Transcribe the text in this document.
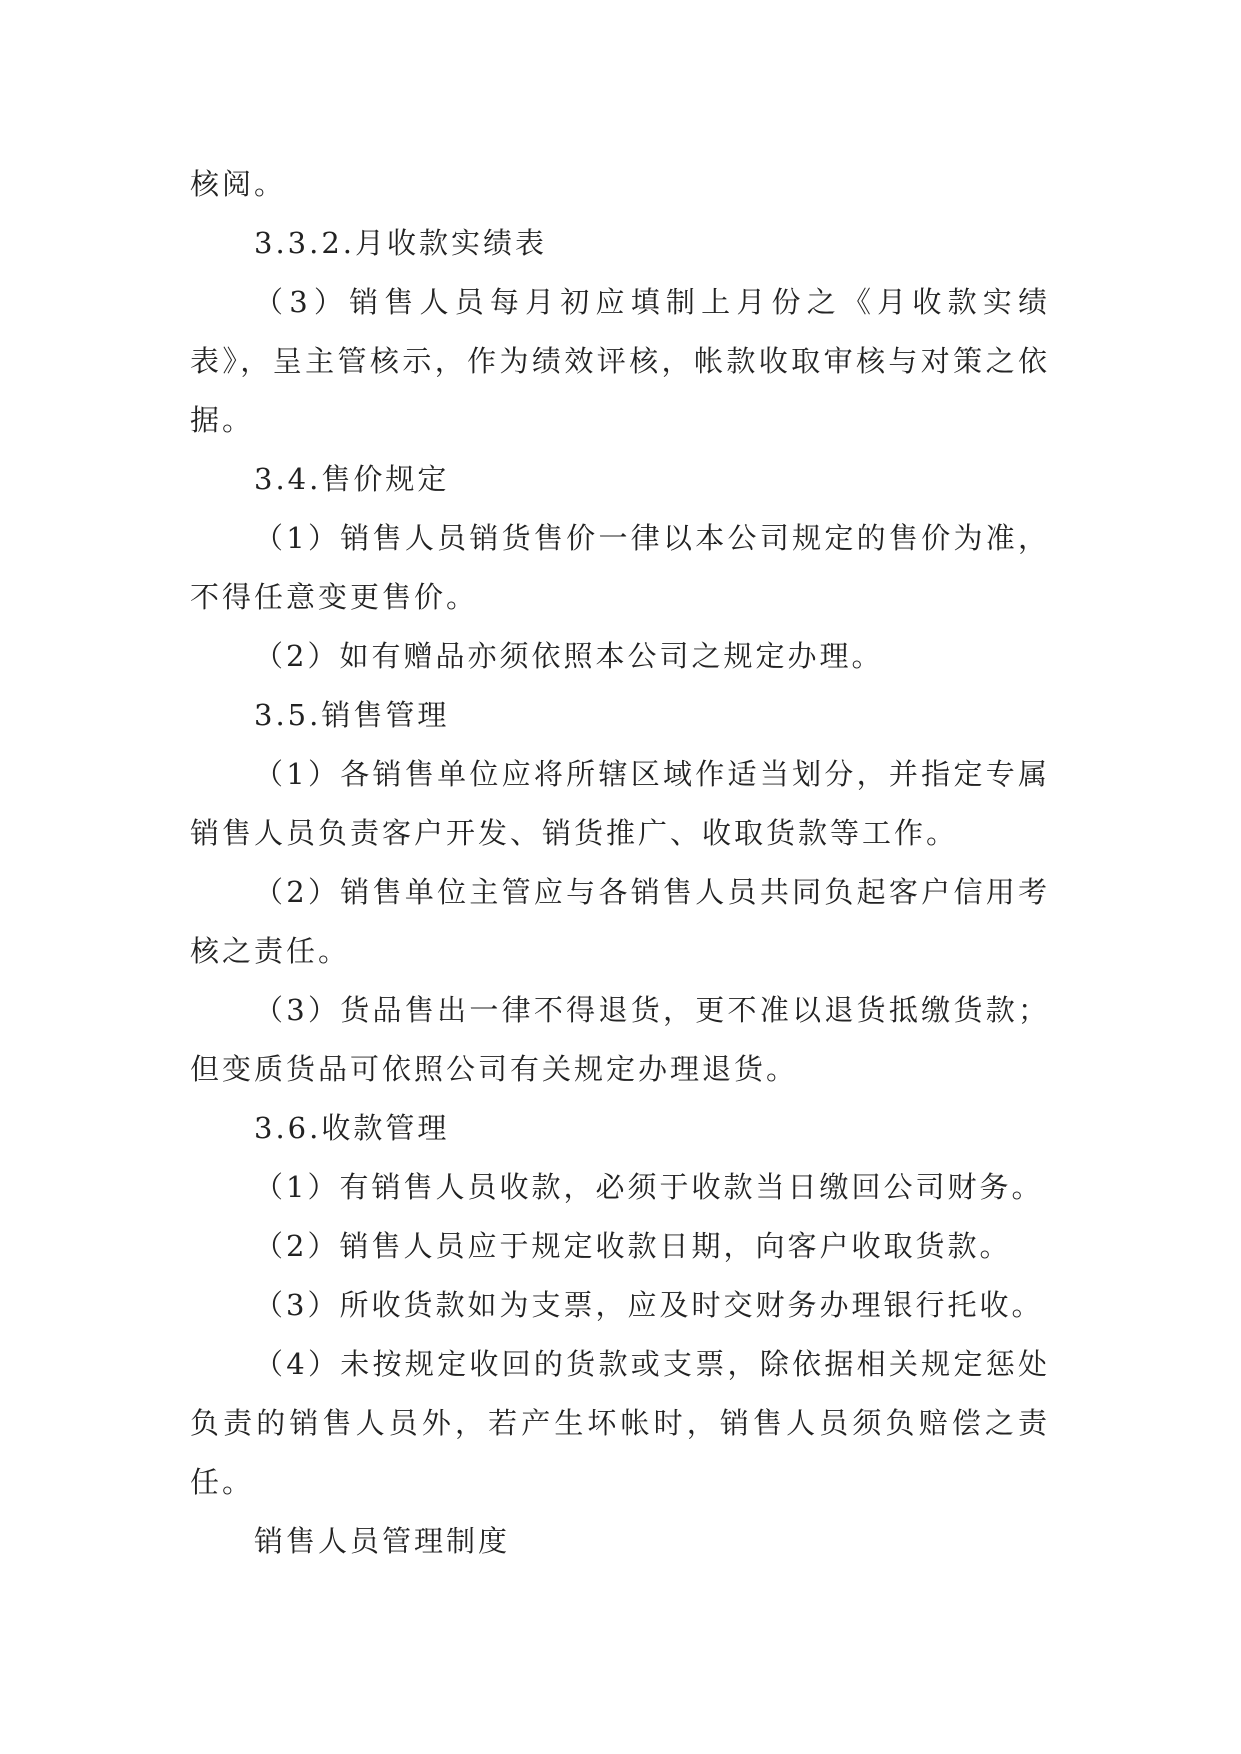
核阅。

3.3.2.月收款实绩表

（3）销售人员每月初应填制上月份之《月收款实绩表》，呈主管核示，作为绩效评核，帐款收取审核与对策之依据。

3.4.售价规定

（1）销售人员销货售价一律以本公司规定的售价为准，不得任意变更售价。

（2）如有赠品亦须依照本公司之规定办理。

3.5.销售管理

（1）各销售单位应将所辖区域作适当划分，并指定专属销售人员负责客户开发、销货推广、收取货款等工作。

（2）销售单位主管应与各销售人员共同负起客户信用考核之责任。

（3）货品售出一律不得退货，更不准以退货抵缴货款；但变质货品可依照公司有关规定办理退货。

3.6.收款管理

（1）有销售人员收款，必须于收款当日缴回公司财务。

（2）销售人员应于规定收款日期，向客户收取货款。

（3）所收货款如为支票，应及时交财务办理银行托收。

（4）未按规定收回的货款或支票，除依据相关规定惩处负责的销售人员外，若产生坏帐时，销售人员须负赔偿之责任。

销售人员管理制度
